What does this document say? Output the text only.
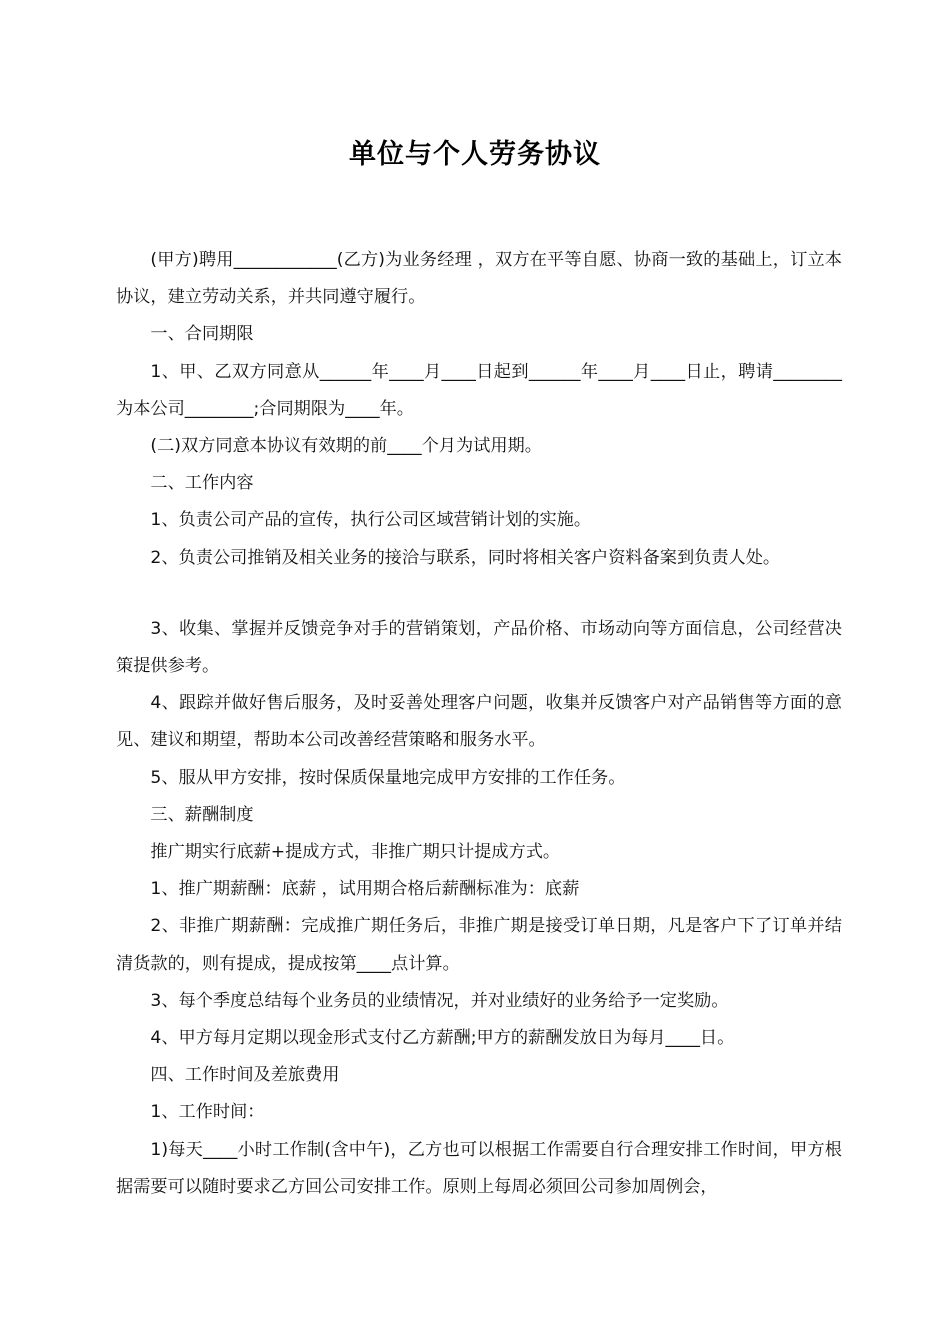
单位与个人劳务协议

(甲方)聘用____________(乙方)为业务经理 ，双方在平等自愿、协商一致的基础上，订立本协议，建立劳动关系，并共同遵守履行。

一、合同期限

1、甲、乙双方同意从______年____月____日起到______年____月____日止，聘请________为本公司________;合同期限为____年。

(二)双方同意本协议有效期的前____个月为试用期。

二、工作内容

1、负责公司产品的宣传，执行公司区域营销计划的实施。

2、负责公司推销及相关业务的接洽与联系，同时将相关客户资料备案到负责人处。

3、收集、掌握并反馈竞争对手的营销策划，产品价格、市场动向等方面信息，公司经营决策提供参考。

4、跟踪并做好售后服务，及时妥善处理客户问题，收集并反馈客户对产品销售等方面的意见、建议和期望，帮助本公司改善经营策略和服务水平。

5、服从甲方安排，按时保质保量地完成甲方安排的工作任务。

三、薪酬制度

推广期实行底薪+提成方式，非推广期只计提成方式。

1、推广期薪酬：底薪 ，试用期合格后薪酬标准为：底薪

2、非推广期薪酬：完成推广期任务后，非推广期是接受订单日期，凡是客户下了订单并结清货款的，则有提成，提成按第____点计算。

3、每个季度总结每个业务员的业绩情况，并对业绩好的业务给予一定奖励。

4、甲方每月定期以现金形式支付乙方薪酬;甲方的薪酬发放日为每月____日。

四、工作时间及差旅费用

1、工作时间：

1)每天____小时工作制(含中午)，乙方也可以根据工作需要自行合理安排工作时间，甲方根据需要可以随时要求乙方回公司安排工作。原则上每周必须回公司参加周例会，
